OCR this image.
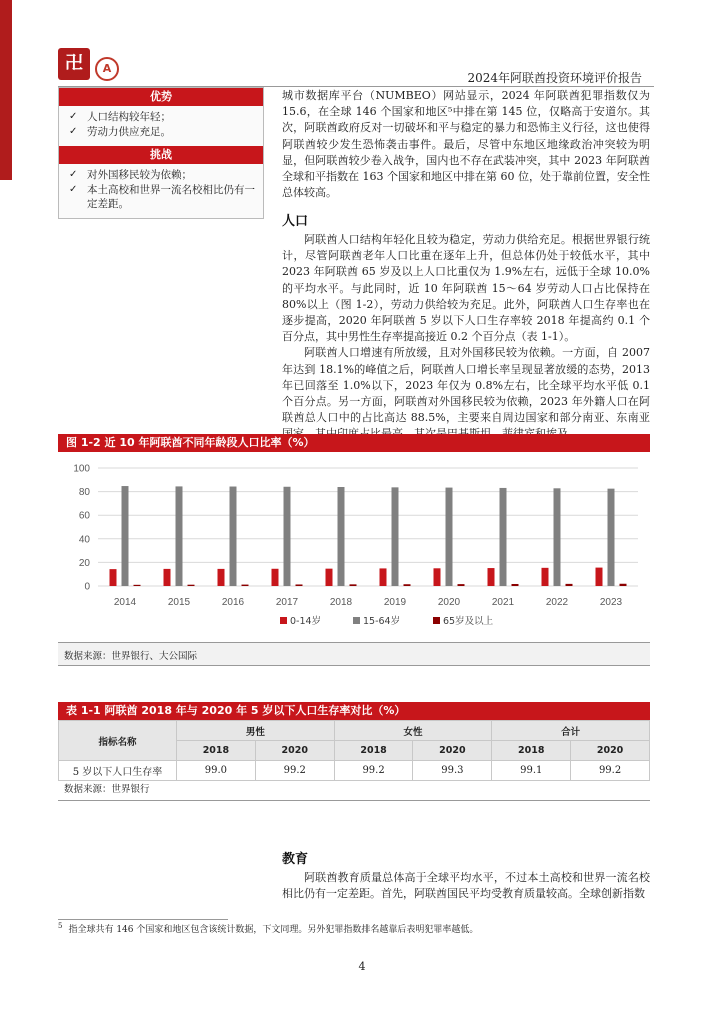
卍	A
2024年阿联酋投资环境评价报告
优势
✓ 人口结构较年轻；
✓ 劳动力供应充足。
挑战
✓ 对外国移民较为依赖；
✓ 本土高校和世界一流名校相比仍有一定差距。

城市数据库平台（NUMBEO）网站显示，2024 年阿联酋犯罪指数仅为 15.6，在全球 146 个国家和地区⁵中排在第 145 位，仅略高于安道尔。其次，阿联酋政府反对一切破坏和平与稳定的暴力和恐怖主义行径，这也使得阿联酋较少发生恐怖袭击事件。最后，尽管中东地区地缘政治冲突较为明显，但阿联酋较少卷入战争，国内也不存在武装冲突，其中 2023 年阿联酋全球和平指数在 163 个国家和地区中排在第 60 位，处于靠前位置，安全性总体较高。

人口

阿联酋人口结构年轻化且较为稳定，劳动力供给充足。根据世界银行统计，尽管阿联酋老年人口比重在逐年上升，但总体仍处于较低水平，其中 2023 年阿联酋 65 岁及以上人口比重仅为 1.9%左右，远低于全球 10.0%的平均水平。与此同时，近 10 年阿联酋 15～64 岁劳动人口占比保持在 80%以上（图 1-2），劳动力供给较为充足。此外，阿联酋人口生存率也在逐步提高，2020 年阿联酋 5 岁以下人口生存率较 2018 年提高约 0.1 个百分点，其中男性生存率提高接近 0.2 个百分点（表 1-1）。

阿联酋人口增速有所放缓，且对外国移民较为依赖。一方面，自 2007 年达到 18.1%的峰值之后，阿联酋人口增长率呈现显著放缓的态势，2013 年已回落至 1.0%以下，2023 年仅为 0.8%左右，比全球平均水平低 0.1 个百分点。另一方面，阿联酋对外国移民较为依赖，2023 年外籍人口在阿联酋总人口中的占比高达 88.5%，主要来自周边国家和部分南亚、东南亚

图 1-2 近 10 年阿联酋不同年龄段人口比率（%）
0
20
40
60
80
100
2014	2015	2016	2017	2018	2019	2020	2021	2022	2023
0-14岁	15-64岁	65岁及以上
数据来源：世界银行、大公国际
表 1-1 阿联酋 2018 年与 2020 年 5 岁以下人口生存率对比（%）
指标名称	男性		女性		合计	
	2018	2020	2018	2020	2018	2020
5 岁以下人口生存率	99.0	99.2	99.2	99.3	99.1	99.2
数据来源：世界银行
教育

阿联酋教育质量总体高于全球平均水平，不过本土高校和世界一流名校相比仍有一定差距。首先，阿联酋国民平均受教育质量较高。全球创新指数

$^5$ 指全球共有 146 个国家和地区包含该统计数据，下文同理。另外犯罪指数排名越靠后表明犯罪率越低。
4
